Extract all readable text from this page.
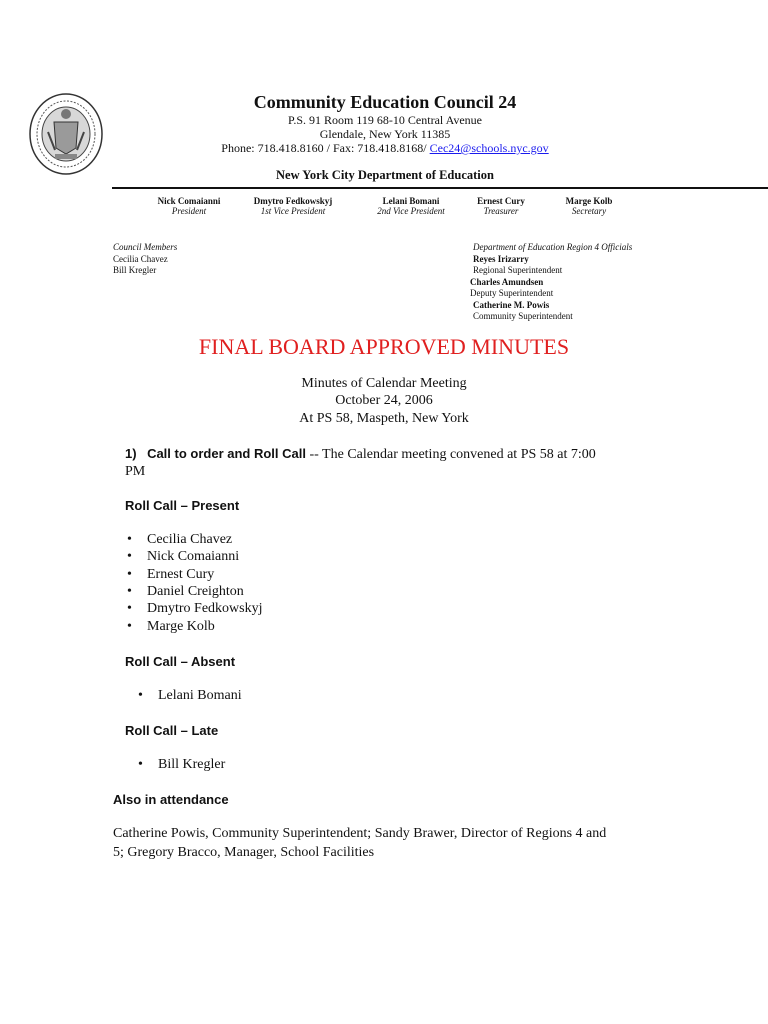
Community Education Council 24
P.S. 91 Room 119 68-10 Central Avenue
Glendale, New York 11385
Phone: 718.418.8160 / Fax: 718.418.8168/ Cec24@schools.nyc.gov
New York City Department of Education
Nick Comaianni
President
Dmytro Fedkowskyj
1st Vice President
Lelani Bomani
2nd Vice President
Ernest Cury
Treasurer
Marge Kolb
Secretary
Council Members
Cecilia Chavez
Bill Kregler
Department of Education Region 4 Officials
Reyes Irizarry
Regional Superintendent
Charles Amundsen
Deputy Superintendent
Catherine M. Powis
Community Superintendent
FINAL BOARD APPROVED MINUTES
Minutes of Calendar Meeting
October 24, 2006
At PS 58, Maspeth, New York
1) Call to order and Roll Call -- The Calendar meeting convened at PS 58 at 7:00
PM
Roll Call – Present
• Cecilia Chavez
• Nick Comaianni
• Ernest Cury
• Daniel Creighton
• Dmytro Fedkowskyj
• Marge Kolb
Roll Call – Absent
• Lelani Bomani
Roll Call – Late
• Bill Kregler
Also in attendance
Catherine Powis, Community Superintendent; Sandy Brawer, Director of Regions 4 and
5; Gregory Bracco, Manager, School Facilities
